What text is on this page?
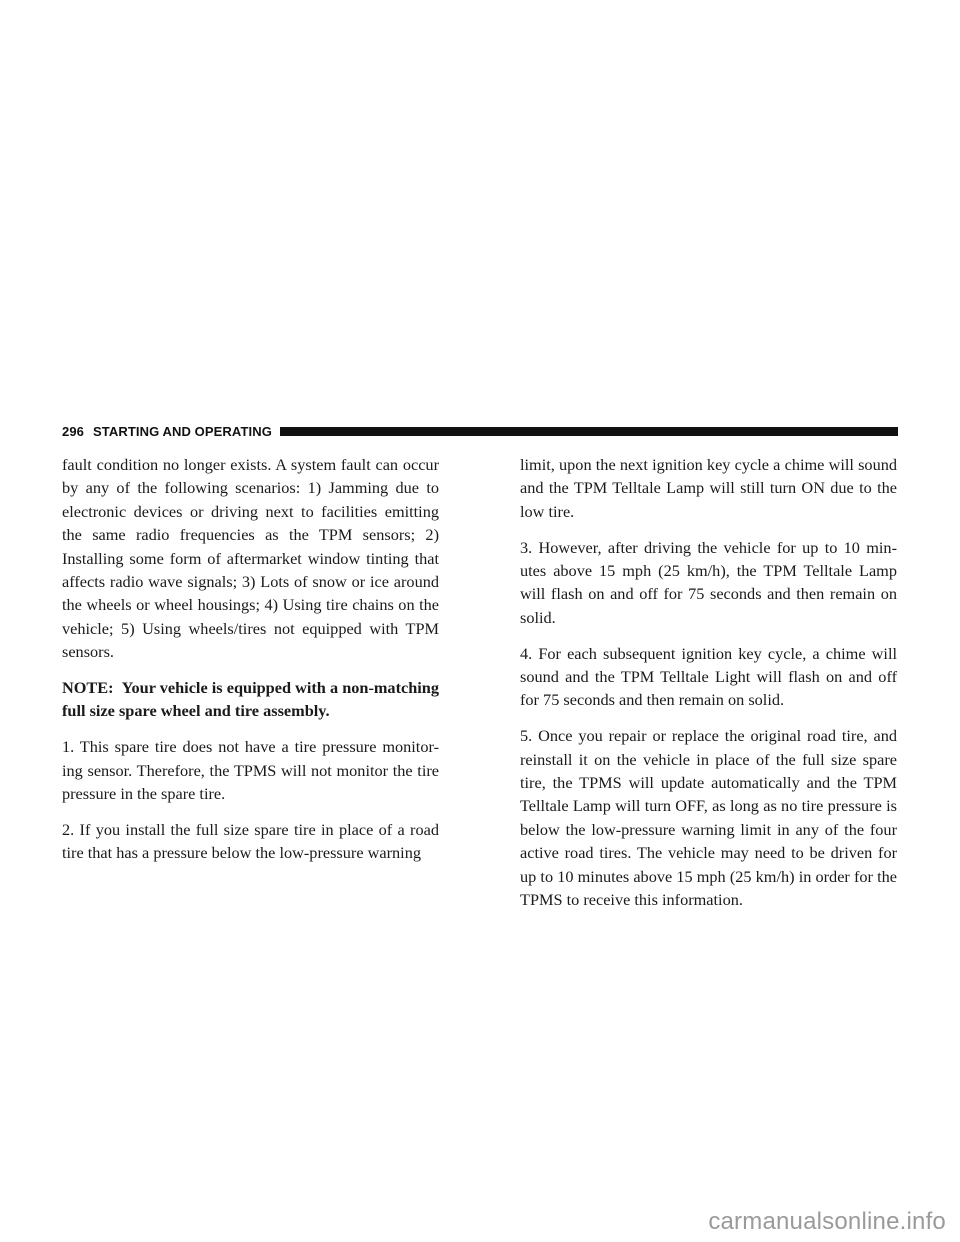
296 STARTING AND OPERATING

fault condition no longer exists. A system fault can occur by any of the following scenarios: 1) Jamming due to electronic devices or driving next to facilities emitting the same radio frequencies as the TPM sensors; 2) Installing some form of aftermarket window tinting that affects radio wave signals; 3) Lots of snow or ice around the wheels or wheel housings; 4) Using tire chains on the vehicle; 5) Using wheels/tires not equipped with TPM sensors.

NOTE: Your vehicle is equipped with a non-matching full size spare wheel and tire assembly.

1. This spare tire does not have a tire pressure monitor-ing sensor. Therefore, the TPMS will not monitor the tire pressure in the spare tire.

2. If you install the full size spare tire in place of a road tire that has a pressure below the low-pressure warning

limit, upon the next ignition key cycle a chime will sound and the TPM Telltale Lamp will still turn ON due to the low tire.

3. However, after driving the vehicle for up to 10 min-utes above 15 mph (25 km/h), the TPM Telltale Lamp will flash on and off for 75 seconds and then remain on solid.

4. For each subsequent ignition key cycle, a chime will sound and the TPM Telltale Light will flash on and off for 75 seconds and then remain on solid.

5. Once you repair or replace the original road tire, and reinstall it on the vehicle in place of the full size spare tire, the TPMS will update automatically and the TPM Telltale Lamp will turn OFF, as long as no tire pressure is below the low-pressure warning limit in any of the four active road tires. The vehicle may need to be driven for up to 10 minutes above 15 mph (25 km/h) in order for the TPMS to receive this information.

carmanualsonline.info
